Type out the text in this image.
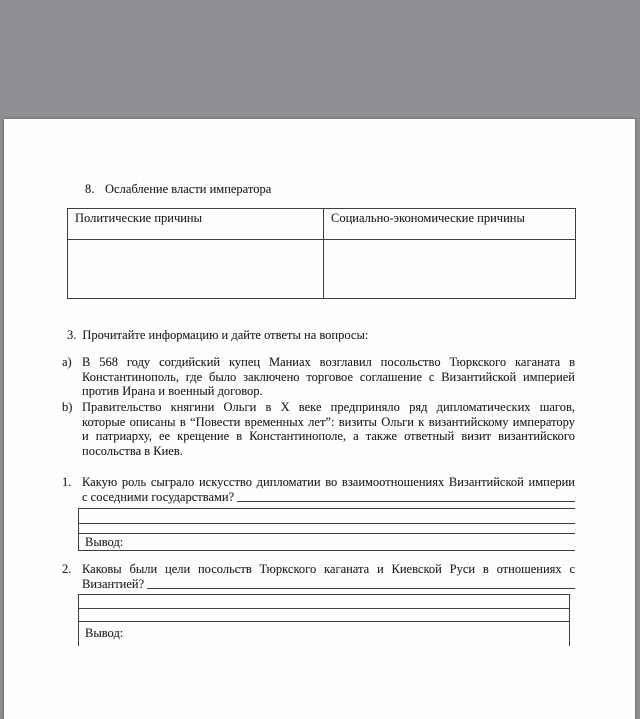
8. Ослабление власти императора
Политические причины	Социально-экономические причины

3. Прочитайте информацию и дайте ответы на вопросы:
a) В 568 году согдийский купец Маниах возглавил посольство Тюркского каганата в
Константинополь, где было заключено торговое соглашение с Византийской империей
против Ирана и военный договор.
b) Правительство княгини Ольги в X веке предприняло ряд дипломатических шагов,
которые описаны в “Повести временных лет”: визиты Ольги к византийскому императору
и патриарху, ее крещение в Константинополе, а также ответный визит византийского
посольства в Киев.
1. Какую роль сыграло искусство дипломатии во взаимоотношениях Византийской империи
с соседними государствами?
Вывод:
2. Каковы были цели посольств Тюркского каганата и Киевской Руси в отношениях с
Византией?
Вывод:
